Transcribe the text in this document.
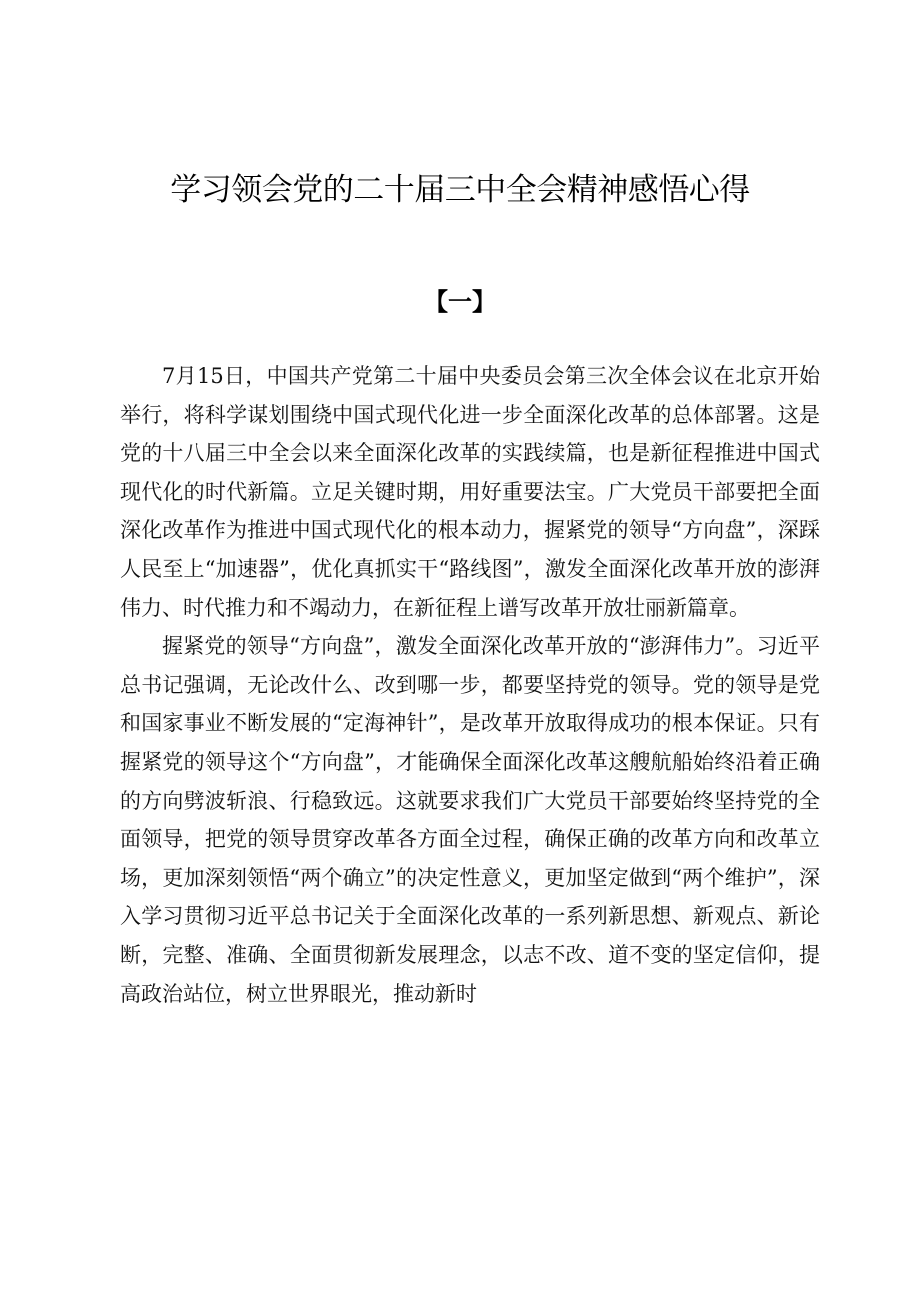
学习领会党的二十届三中全会精神感悟心得
【一】

7月15日，中国共产党第二十届中央委员会第三次全体会议在北京开始举行，将科学谋划围绕中国式现代化进一步全面深化改革的总体部署。这是党的十八届三中全会以来全面深化改革的实践续篇，也是新征程推进中国式现代化的时代新篇。立足关键时期，用好重要法宝。广大党员干部要把全面深化改革作为推进中国式现代化的根本动力，握紧党的领导“方向盘”，深踩人民至上“加速器”，优化真抓实干“路线图”，激发全面深化改革开放的澎湃伟力、时代推力和不竭动力，在新征程上谱写改革开放壮丽新篇章。

握紧党的领导“方向盘”，激发全面深化改革开放的“澎湃伟力”。习近平总书记强调，无论改什么、改到哪一步，都要坚持党的领导。党的领导是党和国家事业不断发展的“定海神针”，是改革开放取得成功的根本保证。只有握紧党的领导这个“方向盘”，才能确保全面深化改革这艘航船始终沿着正确的方向劈波斩浪、行稳致远。这就要求我们广大党员干部要始终坚持党的全面领导，把党的领导贯穿改革各方面全过程，确保正确的改革方向和改革立场，更加深刻领悟“两个确立”的决定性意义，更加坚定做到“两个维护”，深入学习贯彻习近平总书记关于全面深化改革的一系列新思想、新观点、新论断，完整、准确、全面贯彻新发展理念，以志不改、道不变的坚定信仰，提高政治站位，树立世界眼光，推动新时
